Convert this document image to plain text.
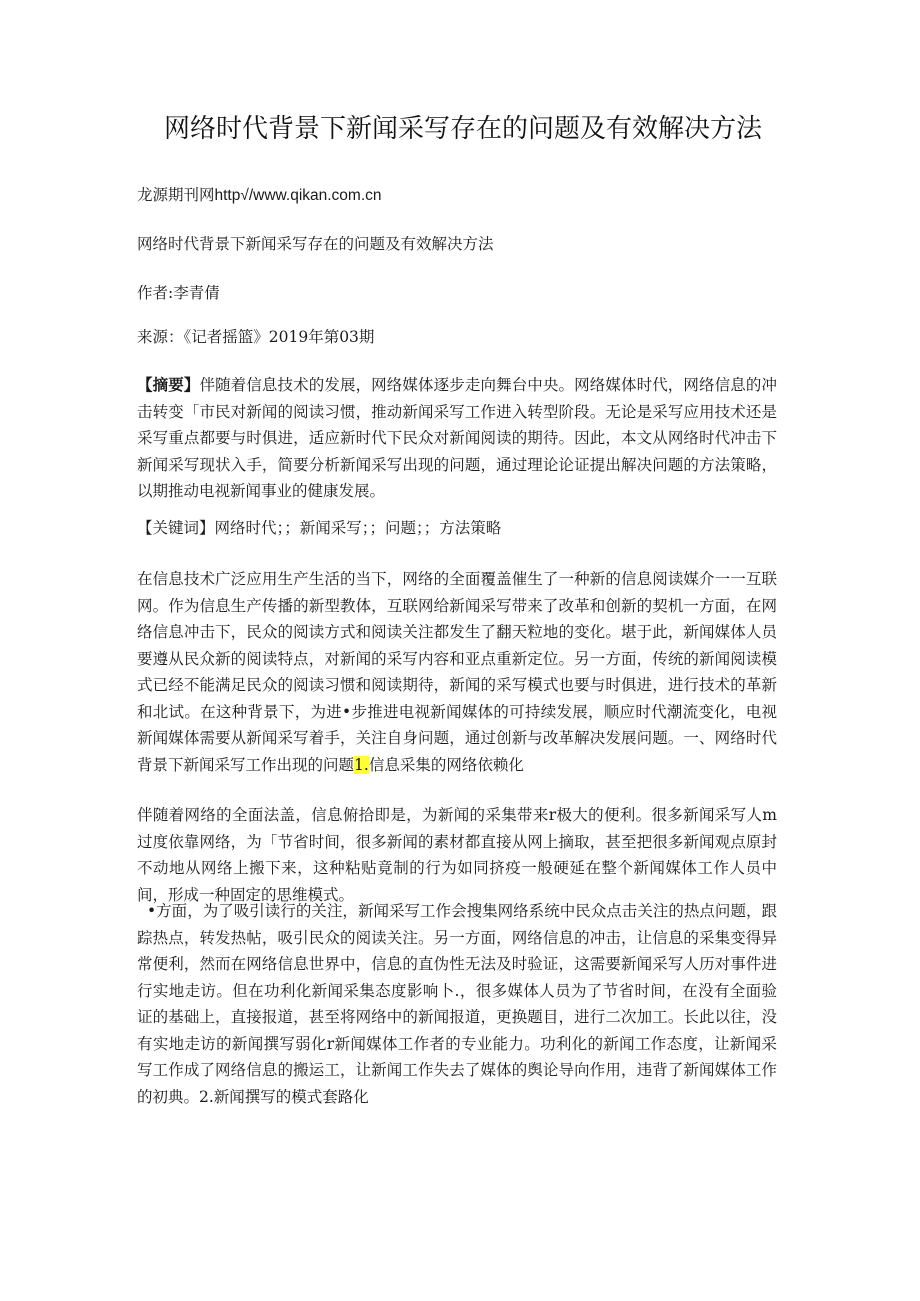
网络时代背景下新闻采写存在的问题及有效解决方法
龙源期刊网http√/www.qikan.com.cn
网络时代背景下新闻采写存在的问题及有效解决方法
作者:李青倩
来源：《记者摇篮》2019年第03期

【摘要】伴随着信息技术的发展，网络媒体逐步走向舞台中央。网络媒体时代，网络信息的冲击转变「市民对新闻的阅读习惯，推动新闻采写工作进入转型阶段。无论是采写应用技术还是采写重点都要与时俱进，适应新时代下民众对新闻阅读的期待。因此，本文从网络时代冲击下新闻采写现状入手，简要分析新闻采写出现的问题，通过理论论证提出解决问题的方法策略，以期推动电视新闻事业的健康发展。

【关键词】网络时代；；新闻采写；；问题；；方法策略

在信息技术广泛应用生产生活的当下，网络的全面覆盖催生了一种新的信息阅读媒介一一互联网。作为信息生产传播的新型教体，互联网给新闻采写带来了改革和创新的契机一方面，在网络信息冲击下，民众的阅读方式和阅读关注都发生了翻天粒地的变化。堪于此，新闻媒体人员要遵从民众新的阅读特点，对新闻的采写内容和亚点重新定位。另一方面，传统的新闻阅读模式已经不能满足民众的阅读习惯和阅读期待，新闻的采写模式也要与时俱进，进行技术的革新和北试。在这种背景下，为进•步推进电视新闻媒体的可持续发展，顺应时代潮流变化，电视新闻媒体需要从新闻采写着手，关注自身问题，通过创新与改革解决发展问题。一、网络时代背景下新闻采写工作出现的问题1.信息采集的网络依赖化

伴随着网络的全面法盖，信息俯拾即是，为新闻的采集带来r极大的便利。很多新闻采写人m过度依靠网络，为「节省时间，很多新闻的素材都直接从网上摘取，甚至把很多新闻观点原封不动地从网络上搬下来，这种粘贴竟制的行为如同挤疫一般硬延在整个新闻媒体工作人员中间，形成一种固定的思维模式。

•方面，为了吸引读行的关注，新闻采写工作会搜集网络系统中民众点击关注的热点问题，跟踪热点，转发热帖，吸引民众的阅读关注。另一方面，网络信息的冲击，让信息的采集变得异常便利，然而在网络信息世界中，信息的直伪性无法及时验证，这需要新闻采写人历对事件进行实地走访。但在功利化新闻采集态度影响卜.，很多媒体人员为了节省时间，在没有全面验证的基础上，直接报道，甚至将网络中的新闻报道，更换题目，进行二次加工。长此以往，没有实地走访的新闻撰写弱化r新闻媒体工作者的专业能力。功利化的新闻工作态度，让新闻采写工作成了网络信息的搬运工，让新闻工作失去了媒体的舆论导向作用，违背了新闻媒体工作的初典。2.新闻撰写的模式套路化
